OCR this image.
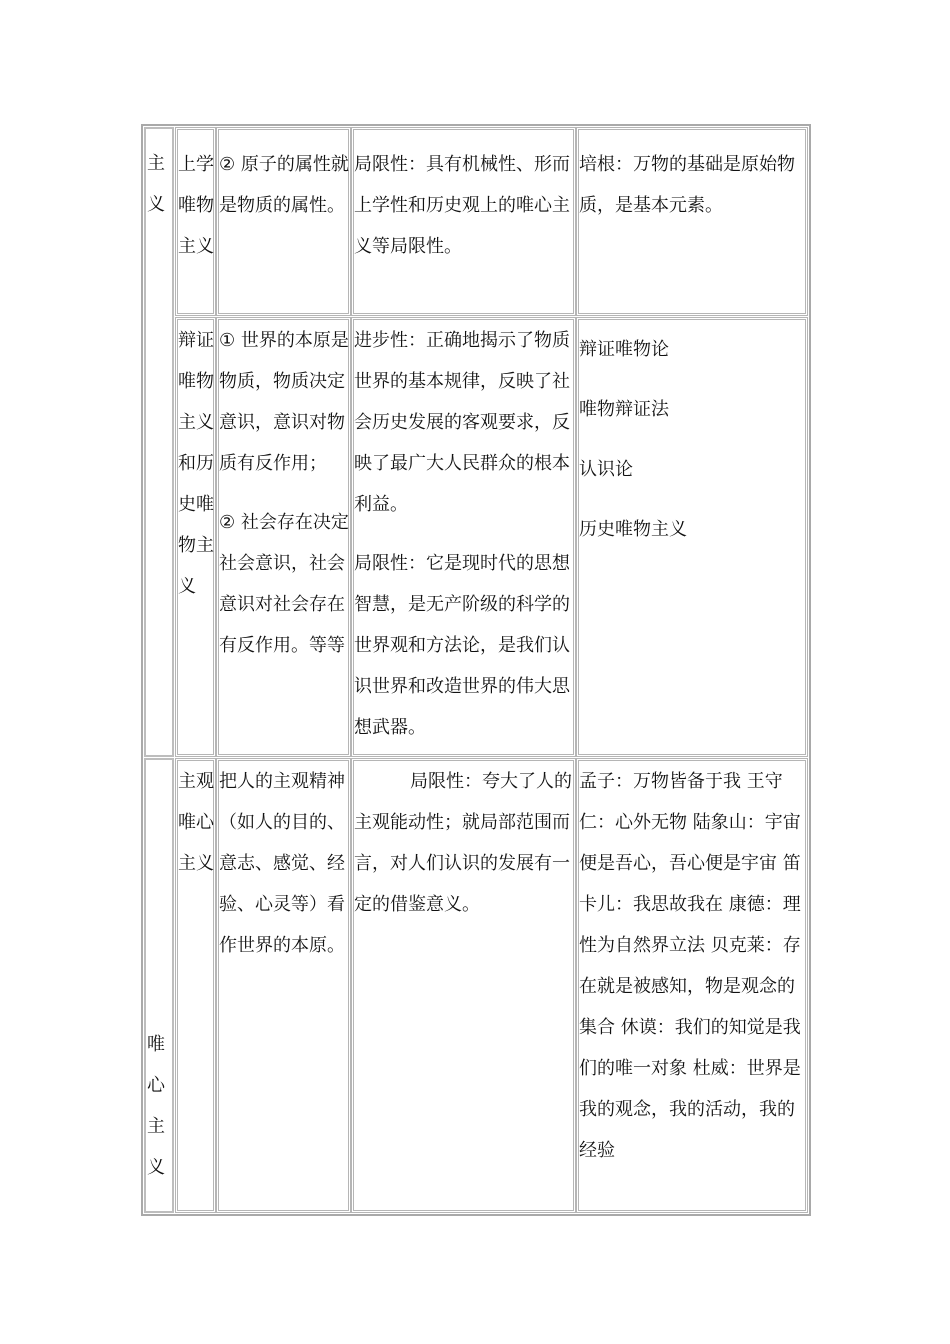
主义
唯心主义
上学唯物主义
② 原子的属性就是物质的属性。
局限性：具有机械性、形而上学性和历史观上的唯心主义等局限性。
培根：万物的基础是原始物质，是基本元素。
辩证唯物主义和历史唯物主义
① 世界的本原是物质，物质决定意识，意识对物质有反作用；
② 社会存在决定社会意识，社会意识对社会存在有反作用。等等
进步性：正确地揭示了物质世界的基本规律，反映了社会历史发展的客观要求，反映了最广大人民群众的根本利益。
局限性：它是现时代的思想智慧，是无产阶级的科学的世界观和方法论，是我们认识世界和改造世界的伟大思想武器。
辩证唯物论
唯物辩证法
认识论
历史唯物主义
主观唯心主义
把人的主观精神（如人的目的、意志、感觉、经验、心灵等）看作世界的本原。
局限性：夸大了人的主观能动性；就局部范围而言，对人们认识的发展有一定的借鉴意义。
孟子：万物皆备于我 王守仁：心外无物 陆象山：宇宙便是吾心，吾心便是宇宙 笛卡儿：我思故我在 康德：理性为自然界立法 贝克莱：存在就是被感知，物是观念的集合 休谟：我们的知觉是我们的唯一对象 杜威：世界是我的观念，我的活动，我的经验
